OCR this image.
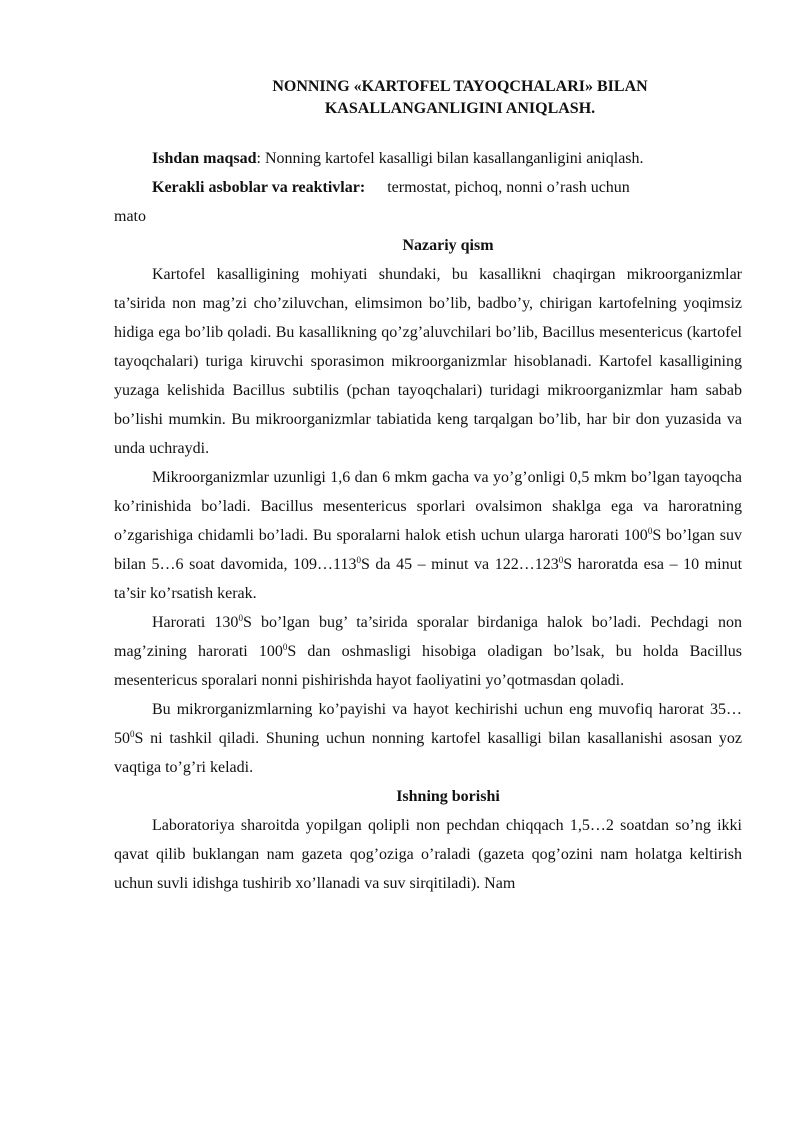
NONNING «KARTOFEL TAYOQCHALARI» BILAN
KASALLANGANLIGINI ANIQLASH.

Ishdan maqsad: Nonning kartofel kasalligi bilan kasallanganligini aniqlash.

Kerakli asboblar va reaktivlar: termostat, pichoq, nonni o’rash uchun

mato

Nazariy qism

Kartofel kasalligining mohiyati shundaki, bu kasallikni chaqirgan mikroorganizmlar ta’sirida non mag’zi cho’ziluvchan, elimsimon bo’lib, badbo’y, chirigan kartofelning yoqimsiz hidiga ega bo’lib qoladi. Bu kasallikning qo’zg’aluvchilari bo’lib, Bacillus mesentericus (kartofel tayoqchalari) turiga kiruvchi sporasimon mikroorganizmlar hisoblanadi. Kartofel kasalligining yuzaga kelishida Bacillus subtilis (pchan tayoqchalari) turidagi mikroorganizmlar ham sabab bo’lishi mumkin. Bu mikroorganizmlar tabiatida keng tarqalgan bo’lib, har bir don yuzasida va unda uchraydi.

Mikroorganizmlar uzunligi 1,6 dan 6 mkm gacha va yo’g’onligi 0,5 mkm bo’lgan tayoqcha ko’rinishida bo’ladi. Bacillus mesentericus sporlari ovalsimon shaklga ega va haroratning o’zgarishiga chidamli bo’ladi. Bu sporalarni halok etish uchun ularga harorati $100^0S$ bo’lgan suv bilan 5…6 soat davomida, $109\dots 113^0S$ da 45 – minut va $122\dots 123^0S$ haroratda esa – 10 minut ta’sir ko’rsatish kerak.

Harorati $130^0S$ bo’lgan bug’ ta’sirida sporalar birdaniga halok bo’ladi. Pechdagi non mag’zining harorati $100^0S$ dan oshmasligi hisobiga oladigan bo’lsak, bu holda Bacillus mesentericus sporalari nonni pishirishda hayot faoliyatini yo’qotmasdan qoladi.

Bu mikrorganizmlarning ko’payishi va hayot kechirishi uchun eng muvofiq harorat $35\dots 50^0S$ ni tashkil qiladi. Shuning uchun nonning kartofel kasalligi bilan kasallanishi asosan yoz vaqtiga to’g’ri keladi.

Ishning borishi

Laboratoriya sharoitda yopilgan qolipli non pechdan chiqqach 1,5…2 soatdan so’ng ikki qavat qilib buklangan nam gazeta qog’oziga o’raladi (gazeta qog’ozini nam holatga keltirish uchun suvli idishga tushirib xo’llanadi va suv sirqitiladi). Nam
